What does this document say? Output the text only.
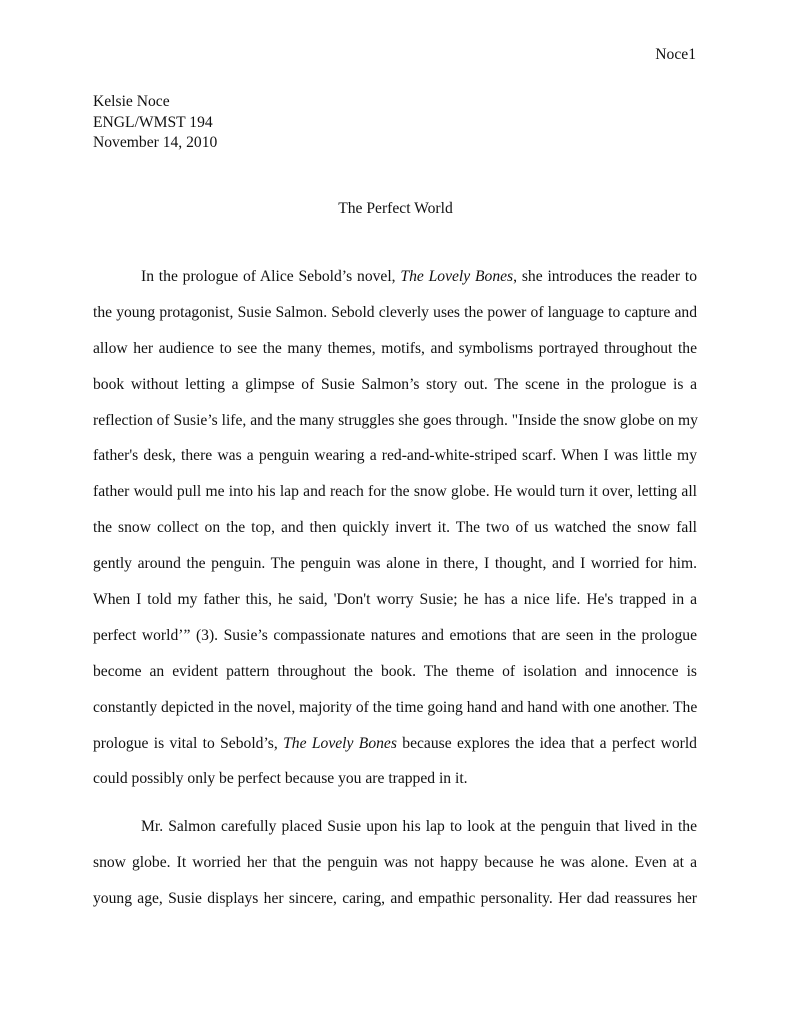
Noce1
Kelsie Noce
ENGL/WMST 194
November 14, 2010
The Perfect World
In the prologue of Alice Sebold’s novel, The Lovely Bones, she introduces the reader to
the young protagonist, Susie Salmon. Sebold cleverly uses the power of language to capture and
allow her audience to see the many themes, motifs, and symbolisms portrayed throughout the
book without letting a glimpse of Susie Salmon’s story out. The scene in the prologue is a
reflection of Susie’s life, and the many struggles she goes through. "Inside the snow globe on my
father's desk, there was a penguin wearing a red-and-white-striped scarf. When I was little my
father would pull me into his lap and reach for the snow globe. He would turn it over, letting all
the snow collect on the top, and then quickly invert it. The two of us watched the snow fall
gently around the penguin. The penguin was alone in there, I thought, and I worried for him.
When I told my father this, he said, 'Don't worry Susie; he has a nice life. He's trapped in a
perfect world’” (3). Susie’s compassionate natures and emotions that are seen in the prologue
become an evident pattern throughout the book. The theme of isolation and innocence is
constantly depicted in the novel, majority of the time going hand and hand with one another. The
prologue is vital to Sebold’s, The Lovely Bones because explores the idea that a perfect world
could possibly only be perfect because you are trapped in it.
Mr. Salmon carefully placed Susie upon his lap to look at the penguin that lived in the
snow globe. It worried her that the penguin was not happy because he was alone. Even at a
young age, Susie displays her sincere, caring, and empathic personality. Her dad reassures her
